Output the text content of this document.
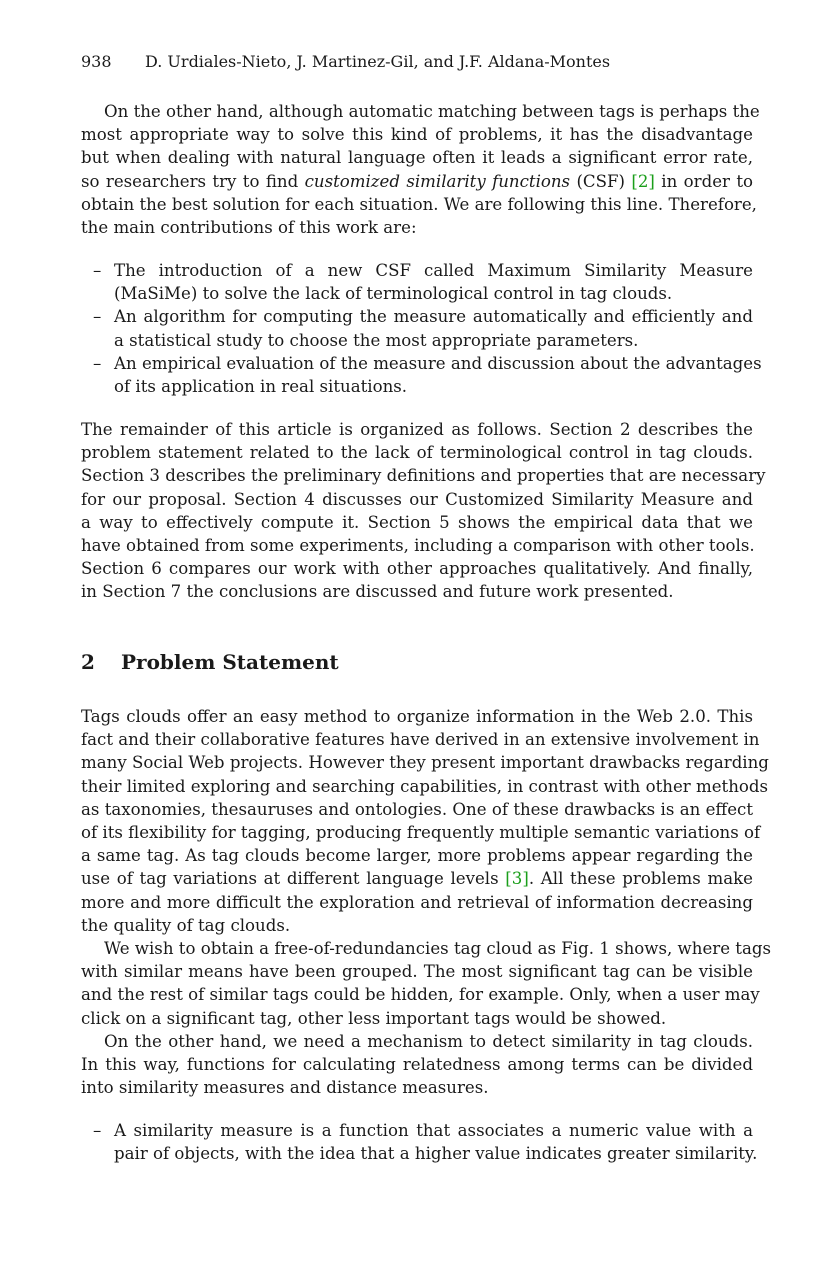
938 D. Urdiales-Nieto, J. Martinez-Gil, and J.F. Aldana-Montes
On the other hand, although automatic matching between tags is perhaps the
most appropriate way to solve this kind of problems, it has the disadvantage
but when dealing with natural language often it leads a significant error rate,
so researchers try to find customized similarity functions (CSF) [2] in order to
obtain the best solution for each situation. We are following this line. Therefore,
the main contributions of this work are:
– The introduction of a new CSF called Maximum Similarity Measure
(MaSiMe) to solve the lack of terminological control in tag clouds.
– An algorithm for computing the measure automatically and efficiently and
a statistical study to choose the most appropriate parameters.
– An empirical evaluation of the measure and discussion about the advantages
of its application in real situations.
The remainder of this article is organized as follows. Section 2 describes the
problem statement related to the lack of terminological control in tag clouds.
Section 3 describes the preliminary definitions and properties that are necessary
for our proposal. Section 4 discusses our Customized Similarity Measure and
a way to effectively compute it. Section 5 shows the empirical data that we
have obtained from some experiments, including a comparison with other tools.
Section 6 compares our work with other approaches qualitatively. And finally,
in Section 7 the conclusions are discussed and future work presented.
2 Problem Statement
Tags clouds offer an easy method to organize information in the Web 2.0. This
fact and their collaborative features have derived in an extensive involvement in
many Social Web projects. However they present important drawbacks regarding
their limited exploring and searching capabilities, in contrast with other methods
as taxonomies, thesauruses and ontologies. One of these drawbacks is an effect
of its flexibility for tagging, producing frequently multiple semantic variations of
a same tag. As tag clouds become larger, more problems appear regarding the
use of tag variations at different language levels [3]. All these problems make
more and more difficult the exploration and retrieval of information decreasing
the quality of tag clouds.
We wish to obtain a free-of-redundancies tag cloud as Fig. 1 shows, where tags
with similar means have been grouped. The most significant tag can be visible
and the rest of similar tags could be hidden, for example. Only, when a user may
click on a significant tag, other less important tags would be showed.
On the other hand, we need a mechanism to detect similarity in tag clouds.
In this way, functions for calculating relatedness among terms can be divided
into similarity measures and distance measures.
– A similarity measure is a function that associates a numeric value with a
pair of objects, with the idea that a higher value indicates greater similarity.
